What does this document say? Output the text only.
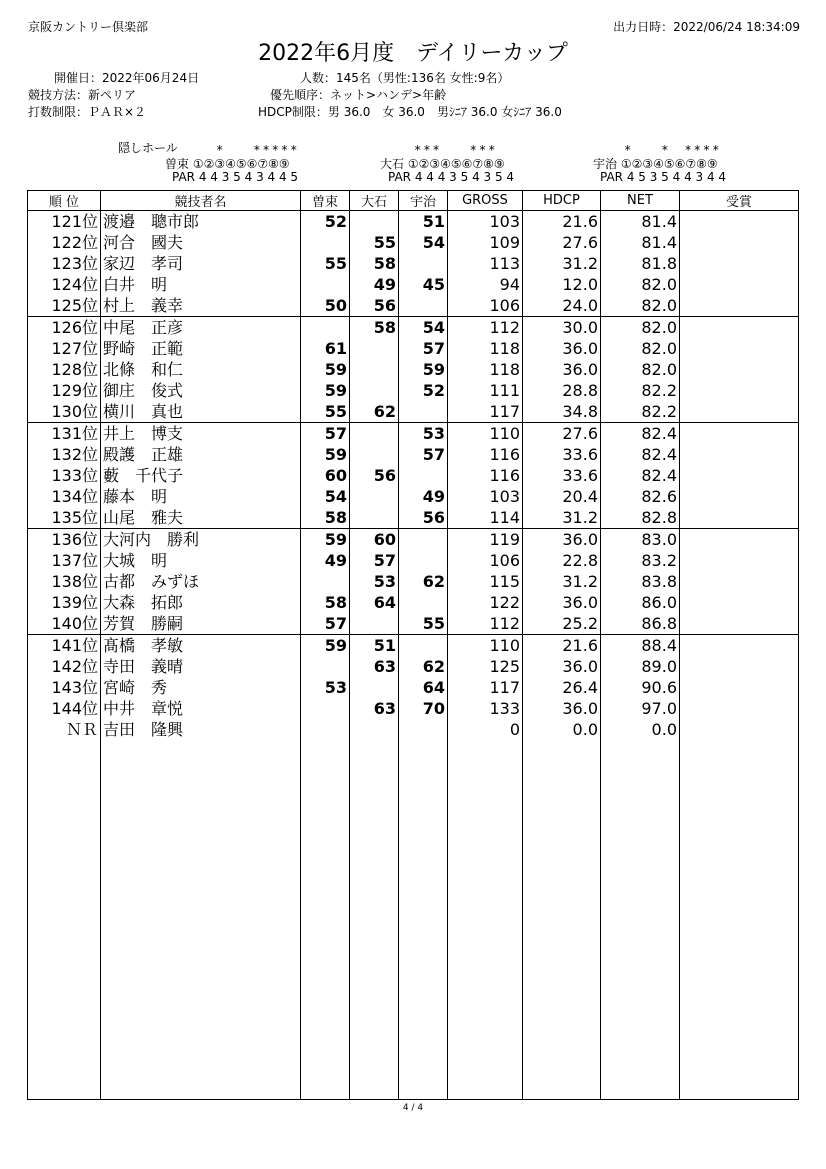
京阪カントリー倶楽部	出力日時：2022/06/24 18:34:09
2022年6月度　デイリーカップ
開催日：2022年06月24日
競技方法：新ペリア
打数制限：ＰＡＲ×２
人数：145名（男性:136名 女性:9名）
優先順序：ネット>ハンデ>年齢
HDCP制限：男 36.0　女 36.0　男ｼﾆｱ 36.0 女ｼﾆｱ 36.0
隠しホール	*　　*****
曽束 ①②③④⑤⑥⑦⑧⑨
PAR 4 4 3 5 4 3 4 4 5
***　　***
大石 ①②③④⑤⑥⑦⑧⑨
PAR 4 4 4 3 5 4 3 5 4
*　　*　****
宇治 ①②③④⑤⑥⑦⑧⑨
PAR 4 5 3 5 4 4 3 4 4
順 位	競技者名	曽束	大石	宇治	GROSS	HDCP	NET	受賞
121位	渡邉　聰市郎	52		51	103	21.6	81.4	
122位	河合　國夫		55	54	109	27.6	81.4	
123位	家辺　孝司	55	58		113	31.2	81.8	
124位	白井　明		49	45	94	12.0	82.0	
125位	村上　義幸	50	56		106	24.0	82.0	
126位	中尾　正彦		58	54	112	30.0	82.0	
127位	野崎　正範	61		57	118	36.0	82.0	
128位	北條　和仁	59		59	118	36.0	82.0	
129位	御庄　俊式	59		52	111	28.8	82.2	
130位	横川　真也	55	62		117	34.8	82.2	
131位	井上　博支	57		53	110	27.6	82.4	
132位	殿護　正雄	59		57	116	33.6	82.4	
133位	藪　千代子	60	56		116	33.6	82.4	
134位	藤本　明	54		49	103	20.4	82.6	
135位	山尾　雅夫	58		56	114	31.2	82.8	
136位	大河内　勝利	59	60		119	36.0	83.0	
137位	大城　明	49	57		106	22.8	83.2	
138位	古都　みずほ		53	62	115	31.2	83.8	
139位	大森　拓郎	58	64		122	36.0	86.0	
140位	芳賀　勝嗣	57		55	112	25.2	86.8	
141位	髙橋　孝敏	59	51		110	21.6	88.4	
142位	寺田　義晴		63	62	125	36.0	89.0	
143位	宮崎　秀	53		64	117	26.4	90.6	
144位	中井　章悦		63	70	133	36.0	97.0	
ＮＲ	吉田　隆興				0	0.0	0.0	

4 / 4
